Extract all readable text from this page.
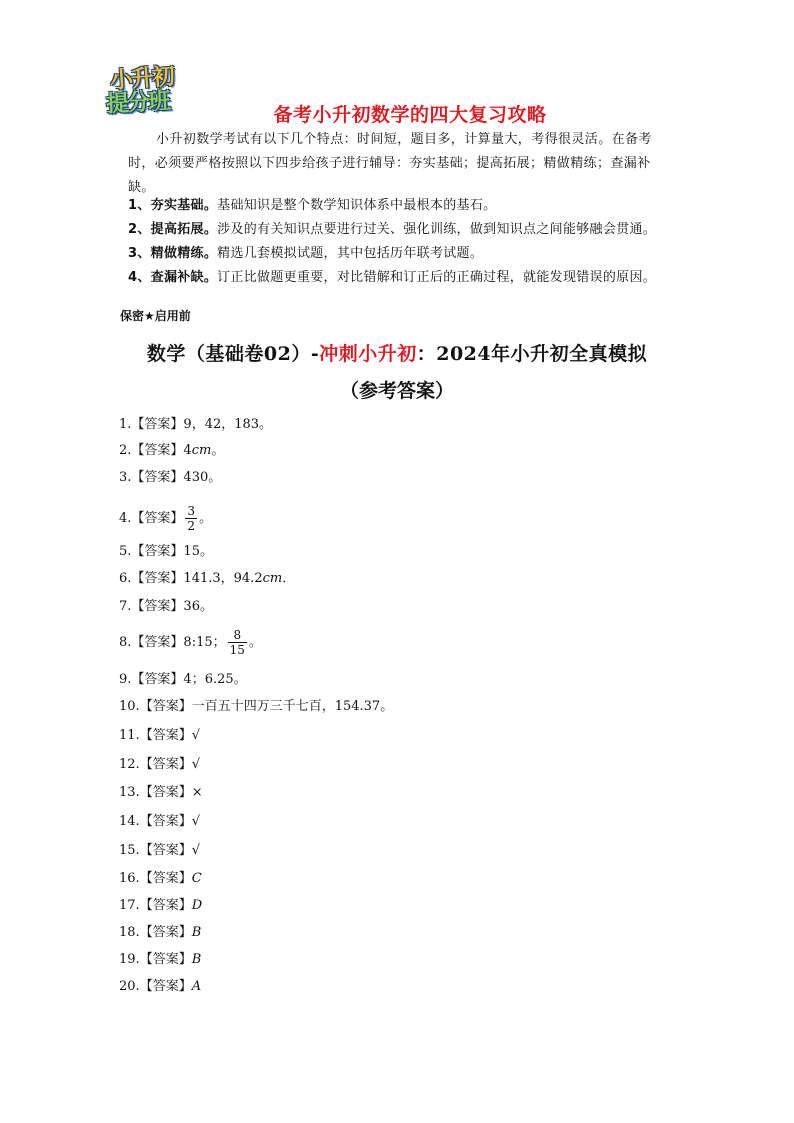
小升初
提分班	备考小升初数学的四大复习攻略
小升初数学考试有以下几个特点：时间短，题目多，计算量大，考得很灵活。在备考时，必须要严格按照以下四步给孩子进行辅导：夯实基础；提高拓展；精做精练；查漏补缺。
1、夯实基础。基础知识是整个数学知识体系中最根本的基石。
2、提高拓展。涉及的有关知识点要进行过关、强化训练，做到知识点之间能够融会贯通。
3、精做精练。精选几套模拟试题，其中包括历年联考试题。
4、查漏补缺。订正比做题更重要，对比错解和订正后的正确过程，就能发现错误的原因。
保密★启用前
数学（基础卷02）-冲刺小升初：2024年小升初全真模拟
（参考答案）
1.【答案】9，42，183。
2.【答案】4cm。
3.【答案】430。
4.【答案】 $\frac{3}{2}$ 。
5.【答案】15。
6.【答案】141.3，94.2cm．
7.【答案】36。
8.【答案】8:15； $\frac{8}{15}$ 。
9.【答案】4；6.25。
10.【答案】一百五十四万三千七百，154.37。
11.【答案】√
12.【答案】√
13.【答案】×
14.【答案】√
15.【答案】√
16.【答案】C
17.【答案】D
18.【答案】B
19.【答案】B
20.【答案】A
